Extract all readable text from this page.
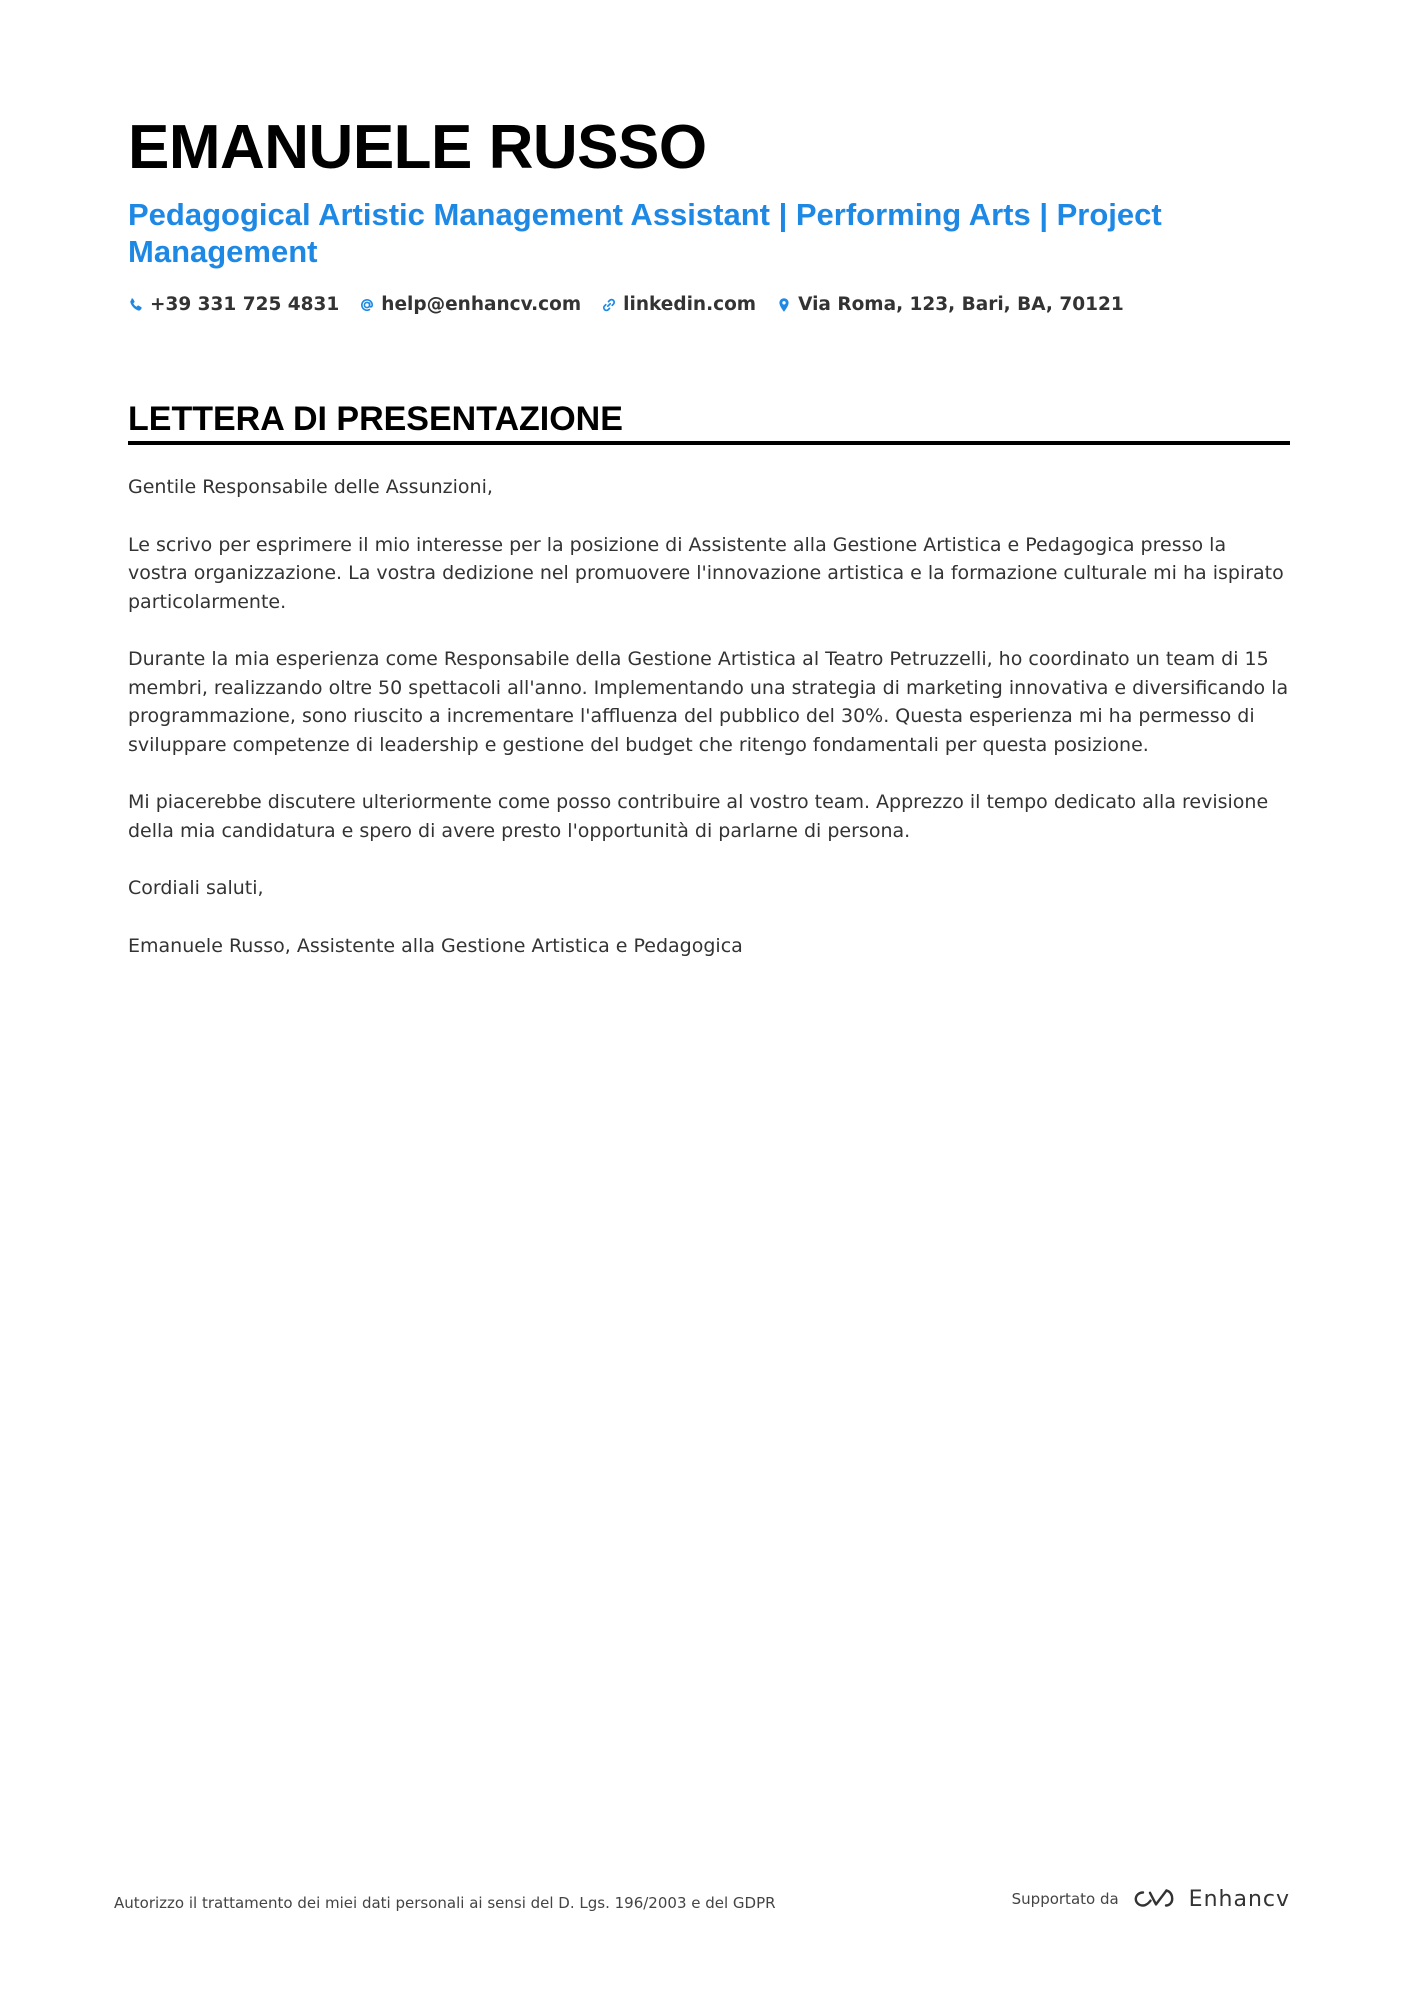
EMANUELE RUSSO
Pedagogical Artistic Management Assistant | Performing Arts | Project Management
+39 331 725 4831 help@enhancv.com linkedin.com Via Roma, 123, Bari, BA, 70121
LETTERA DI PRESENTAZIONE

Gentile Responsabile delle Assunzioni,

Le scrivo per esprimere il mio interesse per la posizione di Assistente alla Gestione Artistica e Pedagogica presso la vostra organizzazione. La vostra dedizione nel promuovere l'innovazione artistica e la formazione culturale mi ha ispirato particolarmente.

Durante la mia esperienza come Responsabile della Gestione Artistica al Teatro Petruzzelli, ho coordinato un team di 15 membri, realizzando oltre 50 spettacoli all'anno. Implementando una strategia di marketing innovativa e diversificando la programmazione, sono riuscito a incrementare l'affluenza del pubblico del 30%. Questa esperienza mi ha permesso di sviluppare competenze di leadership e gestione del budget che ritengo fondamentali per questa posizione.

Mi piacerebbe discutere ulteriormente come posso contribuire al vostro team. Apprezzo il tempo dedicato alla revisione della mia candidatura e spero di avere presto l'opportunità di parlarne di persona.

Cordiali saluti,

Emanuele Russo, Assistente alla Gestione Artistica e Pedagogica

Autorizzo il trattamento dei miei dati personali ai sensi del D. Lgs. 196/2003 e del GDPR	Supportato da	Enhancv
